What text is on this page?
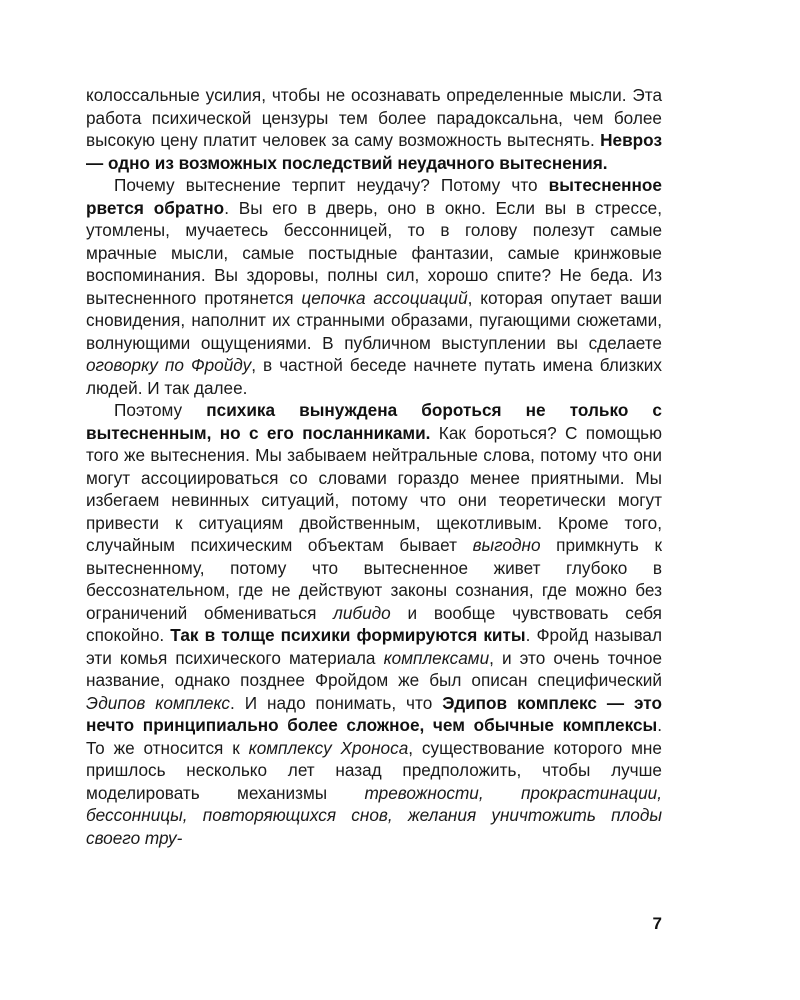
колоссальные усилия, чтобы не осознавать определенные мысли. Эта работа психической цензуры тем более парадоксальна, чем более высокую цену платит человек за саму возможность вытеснять. Невроз — одно из возможных последствий неудачного вытеснения.

Почему вытеснение терпит неудачу? Потому что вытесненное рвется обратно. Вы его в дверь, оно в окно. Если вы в стрессе, утомлены, мучаетесь бессонницей, то в голову полезут самые мрачные мысли, самые постыдные фантазии, самые кринжовые воспоминания. Вы здоровы, полны сил, хорошо спите? Не беда. Из вытесненного протянется цепочка ассоциаций, которая опутает ваши сновидения, наполнит их странными образами, пугающими сюжетами, волнующими ощущениями. В публичном выступлении вы сделаете оговорку по Фройду, в частной беседе начнете путать имена близких людей. И так далее.

Поэтому психика вынуждена бороться не только с вытесненным, но с его посланниками. Как бороться? С помощью того же вытеснения. Мы забываем нейтральные слова, потому что они могут ассоциироваться со словами гораздо менее приятными. Мы избегаем невинных ситуаций, потому что они теоретически могут привести к ситуациям двойственным, щекотливым. Кроме того, случайным психическим объектам бывает выгодно примкнуть к вытесненному, потому что вытесненное живет глубоко в бессознательном, где не действуют законы сознания, где можно без ограничений обмениваться либидо и вообще чувствовать себя спокойно. Так в толще психики формируются киты. Фройд называл эти комья психического материала комплексами, и это очень точное название, однако позднее Фройдом же был описан специфический Эдипов комплекс. И надо понимать, что Эдипов комплекс — это нечто принципиально более сложное, чем обычные комплексы. То же относится к комплексу Хроноса, существование которого мне пришлось несколько лет назад предположить, чтобы лучше моделировать механизмы тревожности, прокрастинации, бессонницы, повторяющихся снов, желания уничтожить плоды своего тру-

7
